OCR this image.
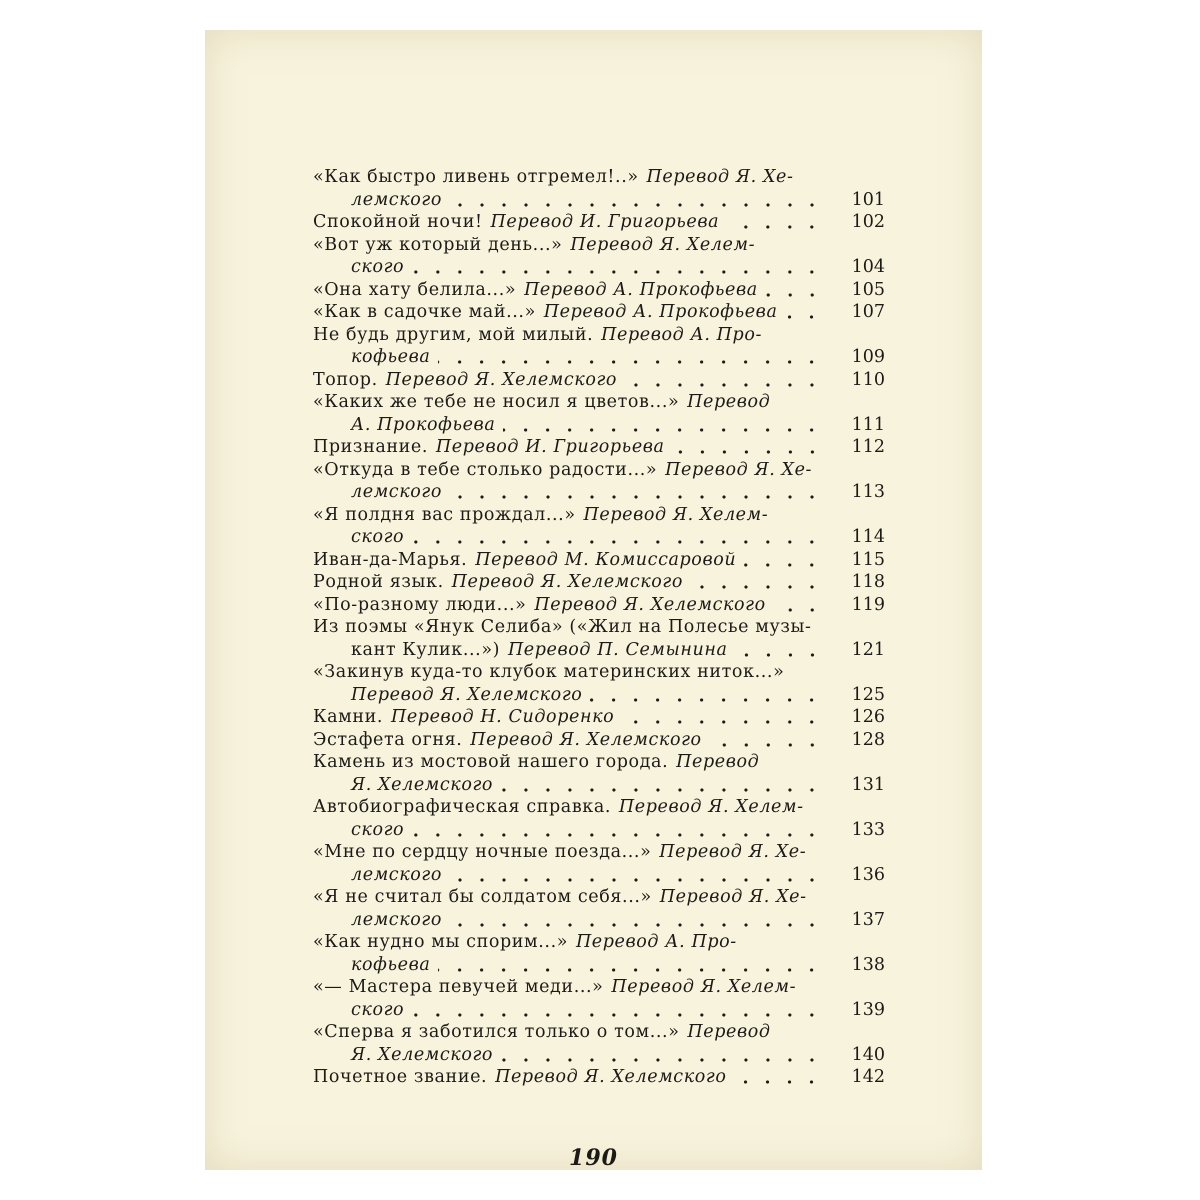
«Как быстро ливень отгремел!..» Перевод Я. Хе-
лемского	101
Спокойной ночи! Перевод И. Григорьева	102
«Вот уж который день...» Перевод Я. Хелем-
ского	104
«Она хату белила...» Перевод А. Прокофьева	105
«Как в садочке май...» Перевод А. Прокофьева	107
Не будь другим, мой милый. Перевод А. Про-
кофьева	109
Топор. Перевод Я. Хелемского	110
«Каких же тебе не носил я цветов...» Перевод
А. Прокофьева	111
Признание. Перевод И. Григорьева	112
«Откуда в тебе столько радости...» Перевод Я. Хе-
лемского	113
«Я полдня вас прождал...» Перевод Я. Хелем-
ского	114
Иван-да-Марья. Перевод М. Комиссаровой	115
Родной язык. Перевод Я. Хелемского	118
«По-разному люди...» Перевод Я. Хелемского	119
Из поэмы «Янук Селиба» («Жил на Полесье музы-
кант Кулик...») Перевод П. Семынина	121
«Закинув куда-то клубок материнских ниток...»
Перевод Я. Хелемского	125
Камни. Перевод Н. Сидоренко	126
Эстафета огня. Перевод Я. Хелемского	128
Камень из мостовой нашего города. Перевод
Я. Хелемского	131
Автобиографическая справка. Перевод Я. Хелем-
ского	133
«Мне по сердцу ночные поезда...» Перевод Я. Хе-
лемского	136
«Я не считал бы солдатом себя...» Перевод Я. Хе-
лемского	137
«Как нудно мы спорим...» Перевод А. Про-
кофьева	138
«— Мастера певучей меди...» Перевод Я. Хелем-
ского	139
«Сперва я заботился только о том...» Перевод
Я. Хелемского	140
Почетное звание. Перевод Я. Хелемского	142
190
